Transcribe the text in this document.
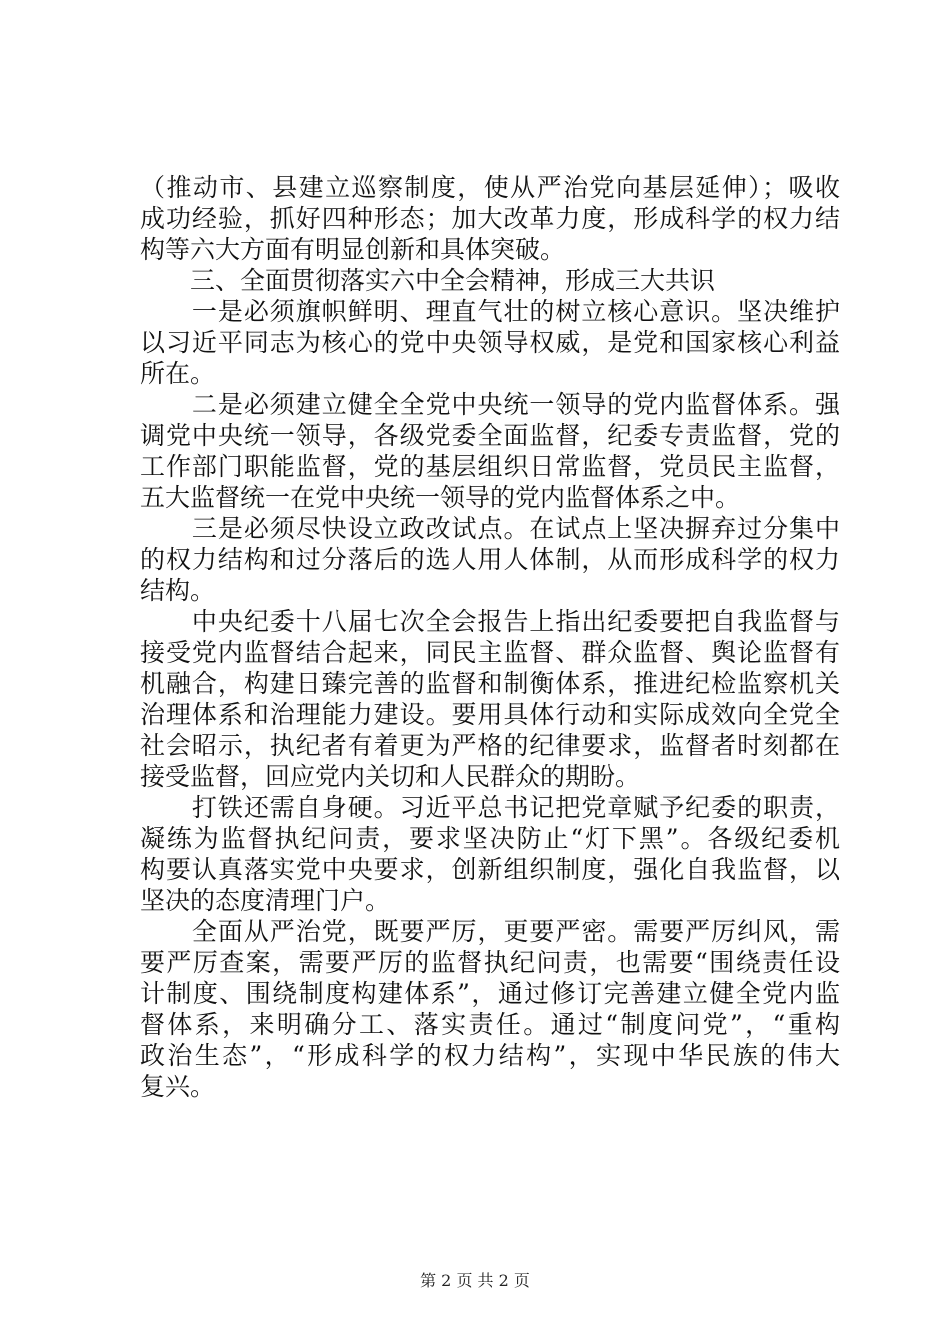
（推动市、县建立巡察制度，使从严治党向基层延伸）；吸收
成功经验，抓好四种形态；加大改革力度，形成科学的权力结
构等六大方面有明显创新和具体突破。
　　三、全面贯彻落实六中全会精神，形成三大共识
　　一是必须旗帜鲜明、理直气壮的树立核心意识。坚决维护
以习近平同志为核心的党中央领导权威，是党和国家核心利益
所在。
　　二是必须建立健全全党中央统一领导的党内监督体系。强
调党中央统一领导，各级党委全面监督，纪委专责监督，党的
工作部门职能监督，党的基层组织日常监督，党员民主监督，
五大监督统一在党中央统一领导的党内监督体系之中。
　　三是必须尽快设立政改试点。在试点上坚决摒弃过分集中
的权力结构和过分落后的选人用人体制，从而形成科学的权力
结构。
　　中央纪委十八届七次全会报告上指出纪委要把自我监督与
接受党内监督结合起来，同民主监督、群众监督、舆论监督有
机融合，构建日臻完善的监督和制衡体系，推进纪检监察机关
治理体系和治理能力建设。要用具体行动和实际成效向全党全
社会昭示，执纪者有着更为严格的纪律要求，监督者时刻都在
接受监督，回应党内关切和人民群众的期盼。
　　打铁还需自身硬。习近平总书记把党章赋予纪委的职责，
凝练为监督执纪问责，要求坚决防止“灯下黑”。各级纪委机
构要认真落实党中央要求，创新组织制度，强化自我监督，以
坚决的态度清理门户。
　　全面从严治党，既要严厉，更要严密。需要严厉纠风，需
要严厉查案，需要严厉的监督执纪问责，也需要“围绕责任设
计制度、围绕制度构建体系”，通过修订完善建立健全党内监
督体系，来明确分工、落实责任。通过“制度问党”，“重构
政治生态”，“形成科学的权力结构”，实现中华民族的伟大
复兴。
第 2 页 共 2 页
